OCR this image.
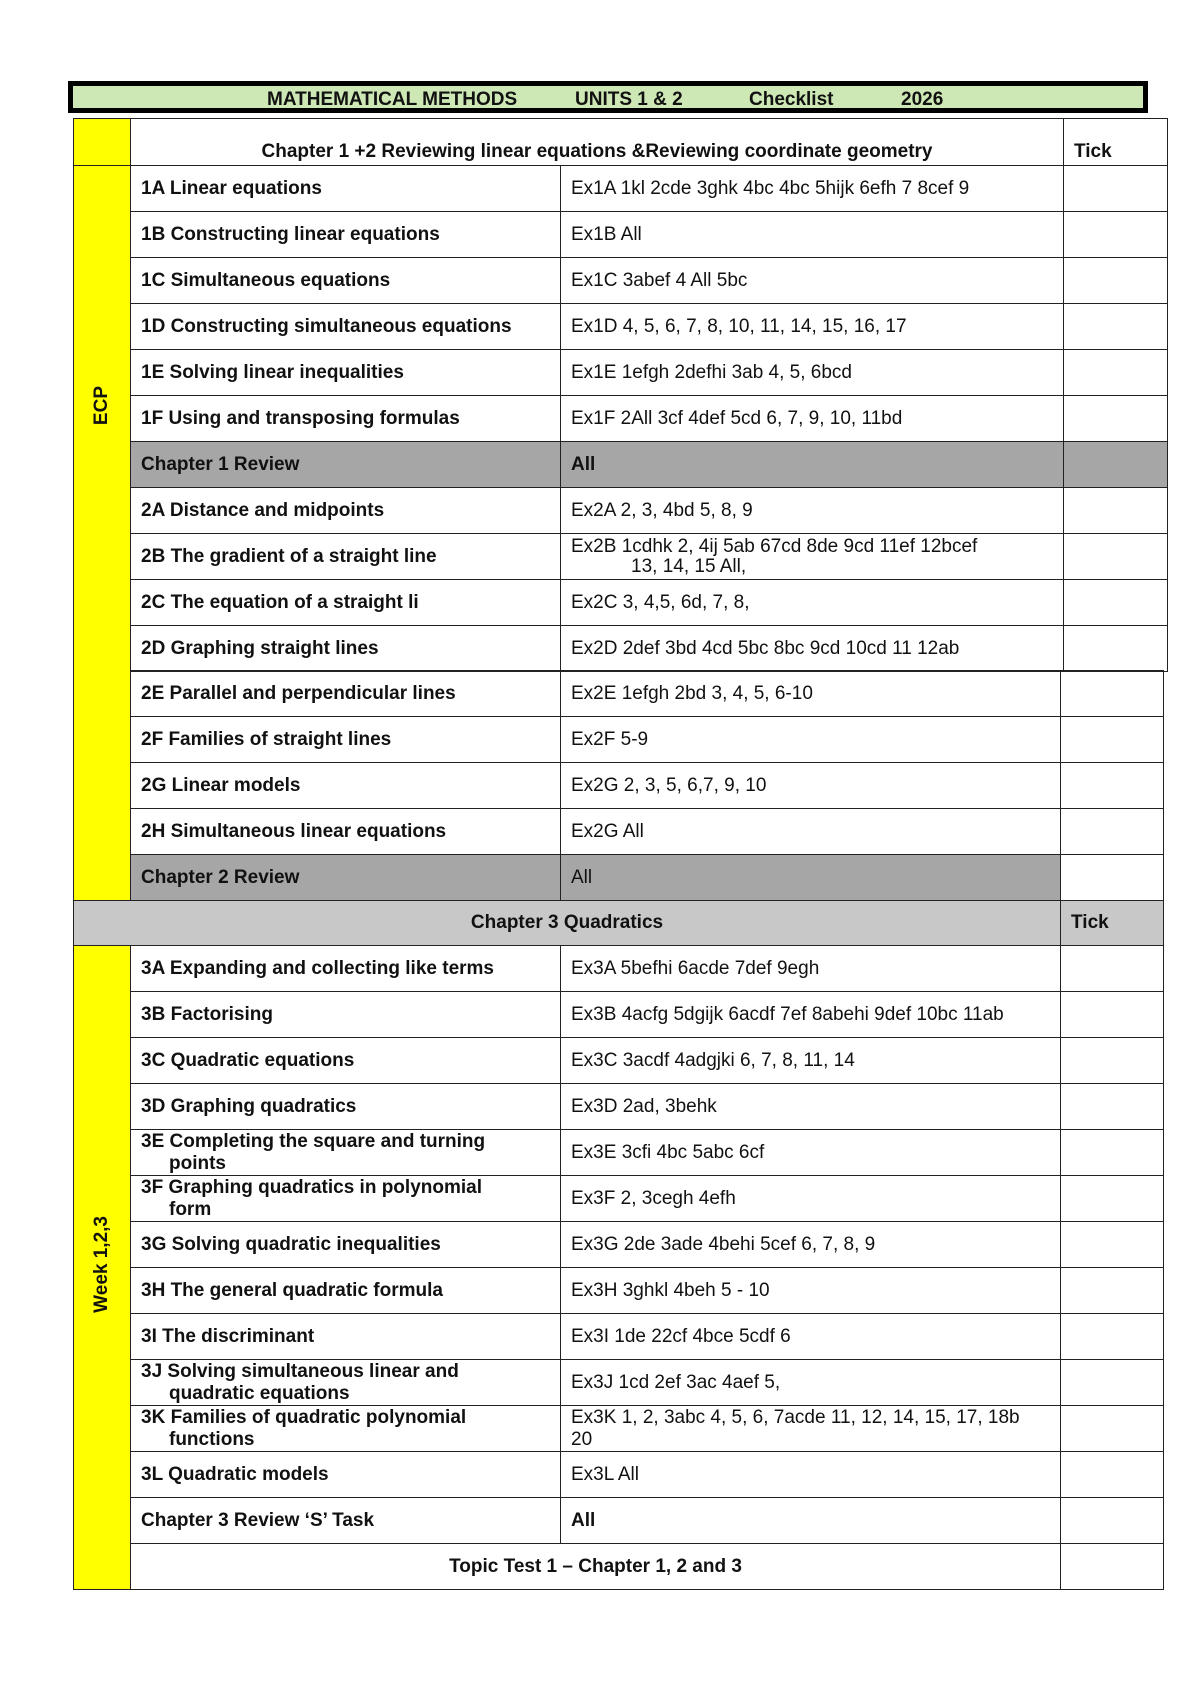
MATHEMATICAL METHODS	UNITS 1 & 2	Checklist	2026
	Chapter 1 +2 Reviewing linear equations &Reviewing coordinate geometry		Tick
ECP	1A Linear equations	Ex1A 1kl 2cde 3ghk 4bc 4bc 5hijk 6efh 7 8cef 9	
	1B Constructing linear equations	Ex1B All	
	1C Simultaneous equations	Ex1C 3abef 4 All 5bc	
	1D Constructing simultaneous equations	Ex1D 4, 5, 6, 7, 8, 10, 11, 14, 15, 16, 17	
	1E Solving linear inequalities	Ex1E 1efgh 2defhi 3ab 4, 5, 6bcd	
	1F Using and transposing formulas	Ex1F 2All 3cf 4def 5cd 6, 7, 9, 10, 11bd	
	Chapter 1 Review	All	
	2A Distance and midpoints	Ex2A 2, 3, 4bd 5, 8, 9	
	2B The gradient of a straight line	Ex2B 1cdhk 2, 4ij 5ab 67cd 8de 9cd 11ef 12bcef
13, 14, 15 All,	
	2C The equation of a straight li	Ex2C 3, 4,5, 6d, 7, 8,	
	2D Graphing straight lines	Ex2D 2def 3bd 4cd 5bc 8bc 9cd 10cd 11 12ab	
	2E Parallel and perpendicular lines	Ex2E 1efgh 2bd 3, 4, 5, 6-10	
	2F Families of straight lines	Ex2F 5-9	
	2G Linear models	Ex2G 2, 3, 5, 6,7, 9, 10	
	2H Simultaneous linear equations	Ex2G All	
	Chapter 2 Review	All	
Chapter 3 Quadratics			Tick
Week 1,2,3	3A Expanding and collecting like terms	Ex3A 5befhi 6acde 7def 9egh	
	3B Factorising	Ex3B 4acfg 5dgijk 6acdf 7ef 8abehi 9def 10bc 11ab	
	3C Quadratic equations	Ex3C 3acdf 4adgjki 6, 7, 8, 11, 14	
	3D Graphing quadratics	Ex3D 2ad, 3behk	
	3E Completing the square and turning
points	Ex3E 3cfi 4bc 5abc 6cf	
	3F Graphing quadratics in polynomial
form	Ex3F 2, 3cegh 4efh	
	3G Solving quadratic inequalities	Ex3G 2de 3ade 4behi 5cef 6, 7, 8, 9	
	3H The general quadratic formula	Ex3H 3ghkl 4beh 5 - 10	
	3I The discriminant	Ex3I 1de 22cf 4bce 5cdf 6	
	3J Solving simultaneous linear and
quadratic equations	Ex3J 1cd 2ef 3ac 4aef 5,	
	3K Families of quadratic polynomial
functions	Ex3K 1, 2, 3abc 4, 5, 6, 7acde 11, 12, 14, 15, 17, 18b
20	
	3L Quadratic models	Ex3L All	
	Chapter 3 Review ‘S’ Task	All	
	Topic Test 1 – Chapter 1, 2 and 3		
